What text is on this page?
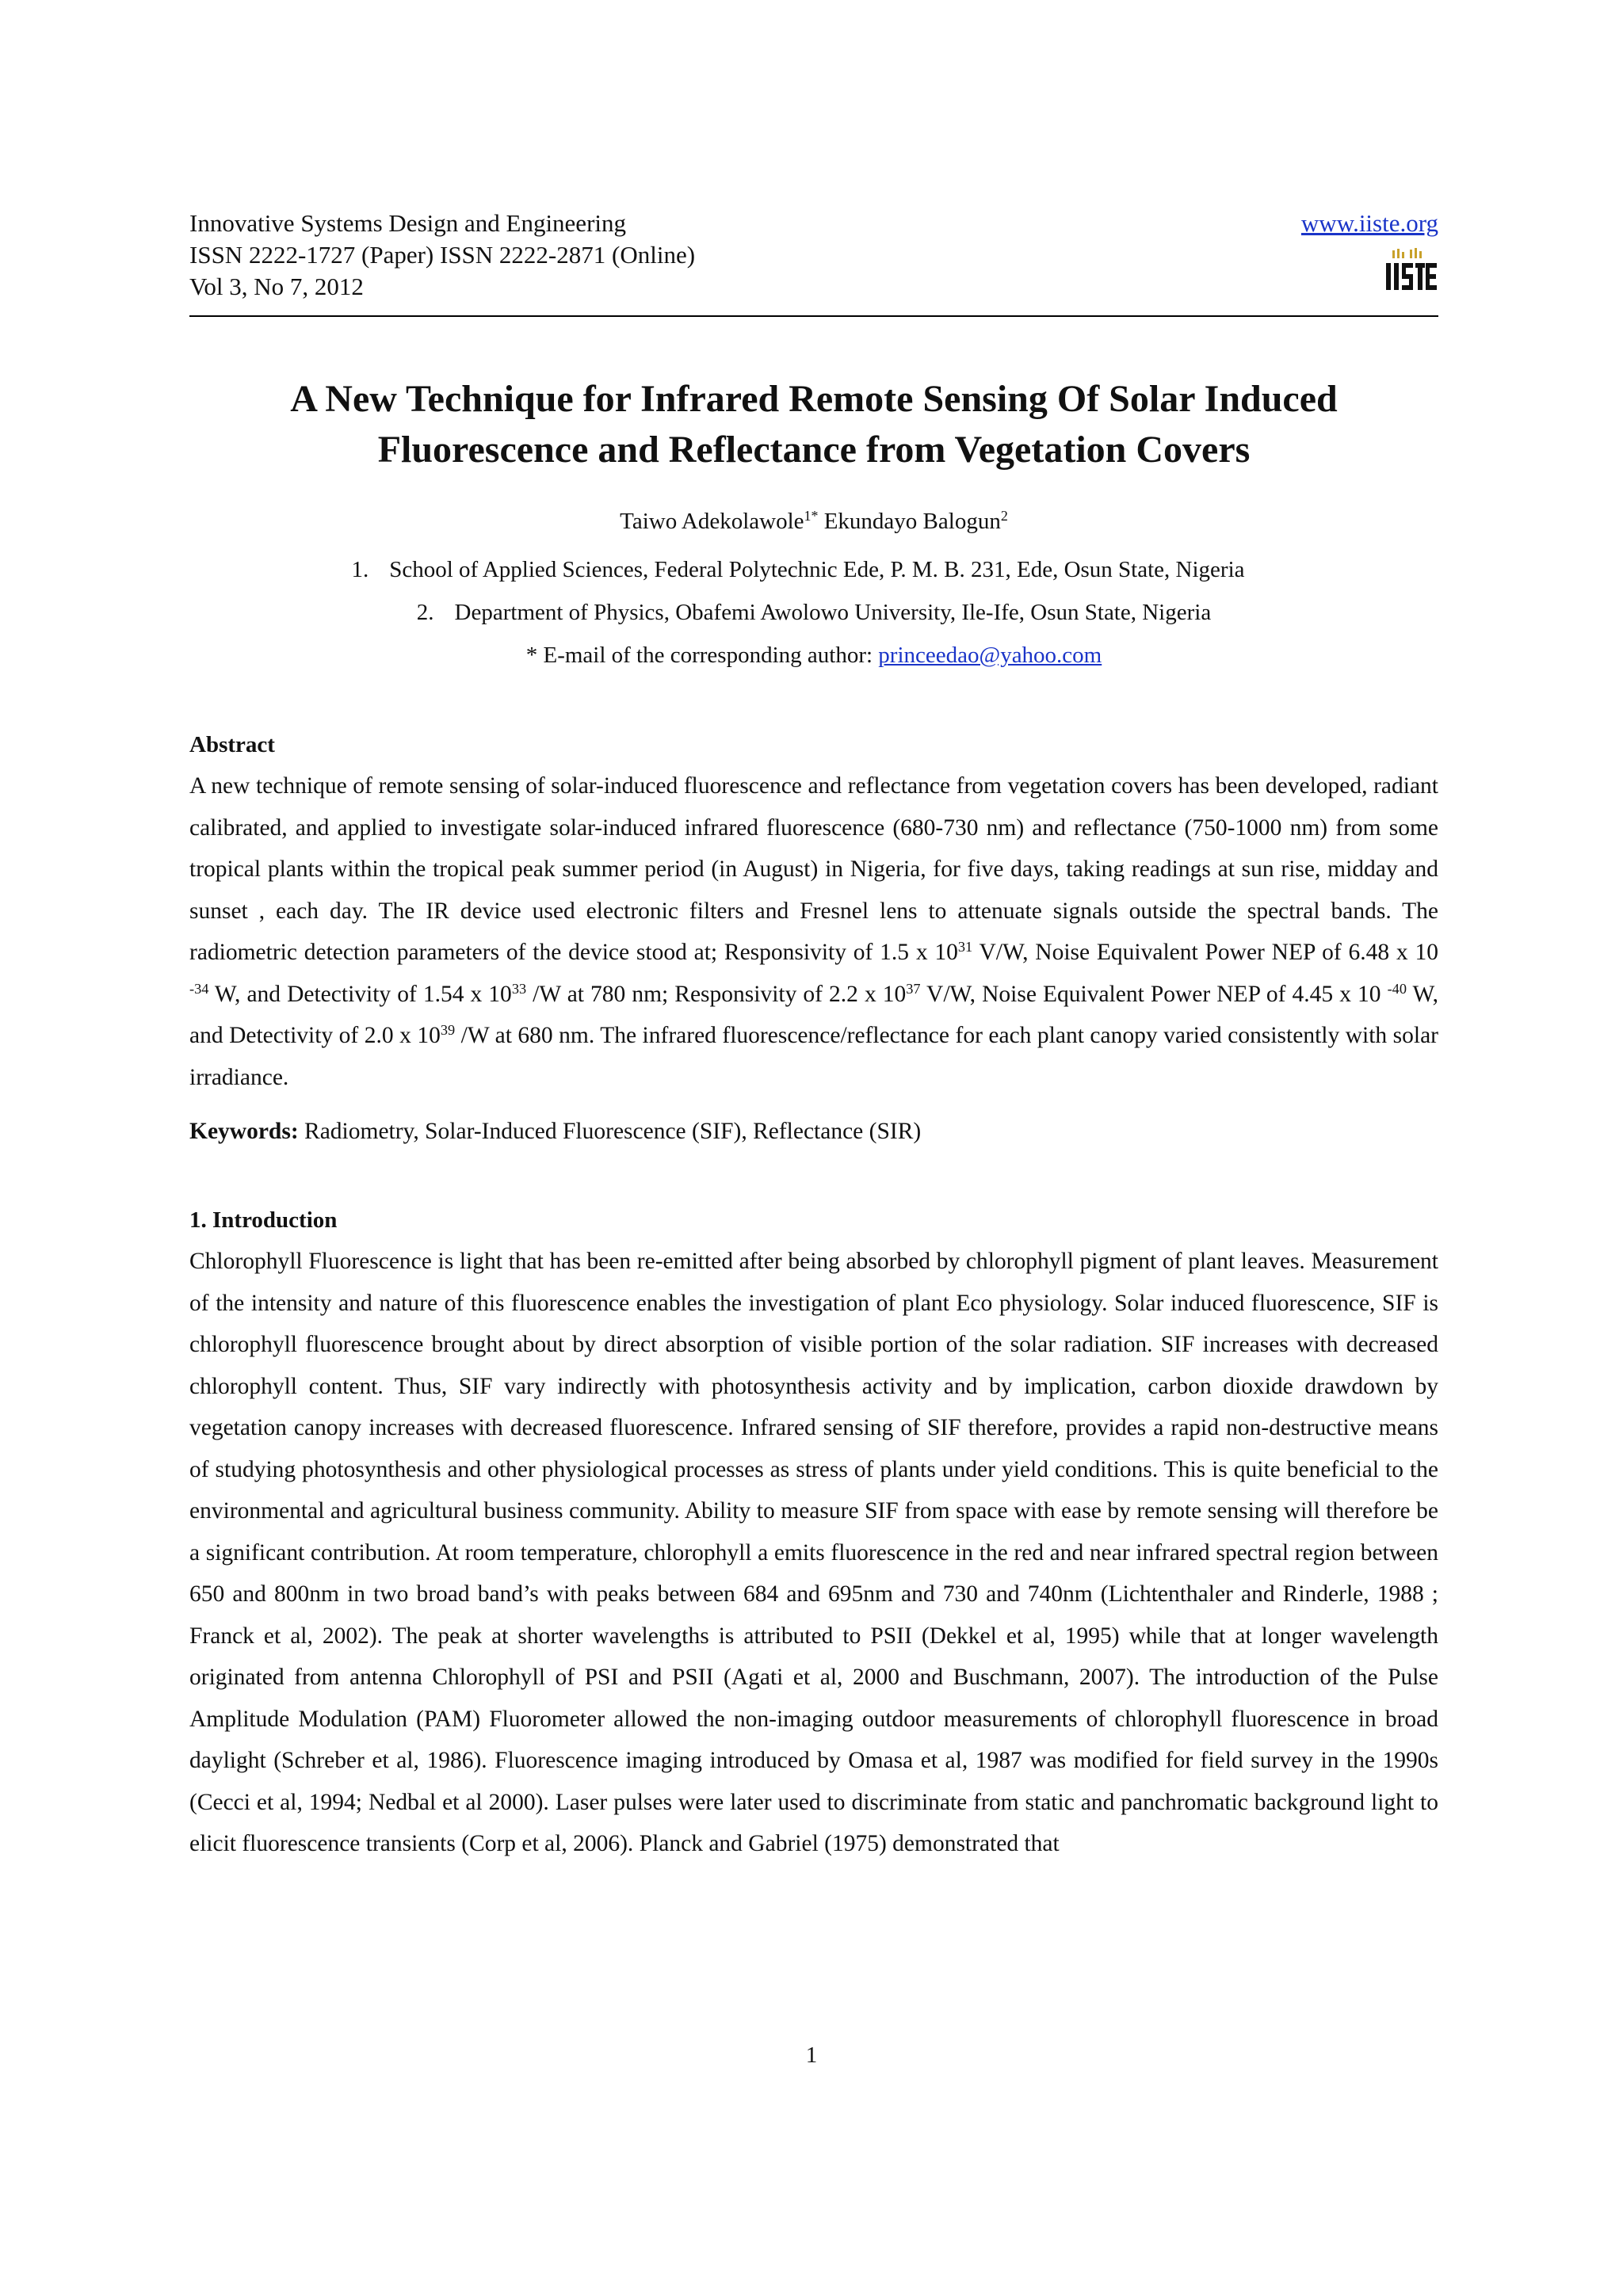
Innovative Systems Design and Engineering
ISSN 2222-1727 (Paper) ISSN 2222-2871 (Online)
Vol 3, No 7, 2012
www.iiste.org
A New Technique for Infrared Remote Sensing Of Solar Induced
Fluorescence and Reflectance from Vegetation Covers
Taiwo Adekolawole$^{1*}$ Ekundayo Balogun$^2$
1. School of Applied Sciences, Federal Polytechnic Ede, P. M. B. 231, Ede, Osun State, Nigeria
2. Department of Physics, Obafemi Awolowo University, Ile-Ife, Osun State, Nigeria
* E-mail of the corresponding author: princeedao@yahoo.com
Abstract

A new technique of remote sensing of solar-induced fluorescence and reflectance from vegetation covers has been developed, radiant calibrated, and applied to investigate solar-induced infrared fluorescence (680-730 nm) and reflectance (750-1000 nm) from some tropical plants within the tropical peak summer period (in August) in Nigeria, for five days, taking readings at sun rise, midday and sunset , each day. The IR device used electronic filters and Fresnel lens to attenuate signals outside the spectral bands. The radiometric detection parameters of the device stood at; Responsivity of 1.5 x $10^{31}$ V/W, Noise Equivalent Power NEP of 6.48 x 10 $^{-34}$ W, and Detectivity of 1.54 x $10^{33}$ /W at 780 nm; Responsivity of 2.2 x $10^{37}$ V/W, Noise Equivalent Power NEP of 4.45 x 10 $^{-40}$ W, and Detectivity of 2.0 x $10^{39}$ /W at 680 nm. The infrared fluorescence/reflectance for each plant canopy varied consistently with solar irradiance.

Keywords: Radiometry, Solar-Induced Fluorescence (SIF), Reflectance (SIR)
1. Introduction

Chlorophyll Fluorescence is light that has been re-emitted after being absorbed by chlorophyll pigment of plant leaves. Measurement of the intensity and nature of this fluorescence enables the investigation of plant Eco physiology. Solar induced fluorescence, SIF is chlorophyll fluorescence brought about by direct absorption of visible portion of the solar radiation. SIF increases with decreased chlorophyll content. Thus, SIF vary indirectly with photosynthesis activity and by implication, carbon dioxide drawdown by vegetation canopy increases with decreased fluorescence. Infrared sensing of SIF therefore, provides a rapid non-destructive means of studying photosynthesis and other physiological processes as stress of plants under yield conditions. This is quite beneficial to the environmental and agricultural business community. Ability to measure SIF from space with ease by remote sensing will therefore be a significant contribution. At room temperature, chlorophyll a emits fluorescence in the red and near infrared spectral region between 650 and 800nm in two broad band’s with peaks between 684 and 695nm and 730 and 740nm (Lichtenthaler and Rinderle, 1988 ; Franck et al, 2002). The peak at shorter wavelengths is attributed to PSII (Dekkel et al, 1995) while that at longer wavelength originated from antenna Chlorophyll of PSI and PSII (Agati et al, 2000 and Buschmann, 2007). The introduction of the Pulse Amplitude Modulation (PAM) Fluorometer allowed the non-imaging outdoor measurements of chlorophyll fluorescence in broad daylight (Schreber et al, 1986). Fluorescence imaging introduced by Omasa et al, 1987 was modified for field survey in the 1990s (Cecci et al, 1994; Nedbal et al 2000). Laser pulses were later used to discriminate from static and panchromatic background light to elicit fluorescence transients (Corp et al, 2006). Planck and Gabriel (1975) demonstrated that

1
